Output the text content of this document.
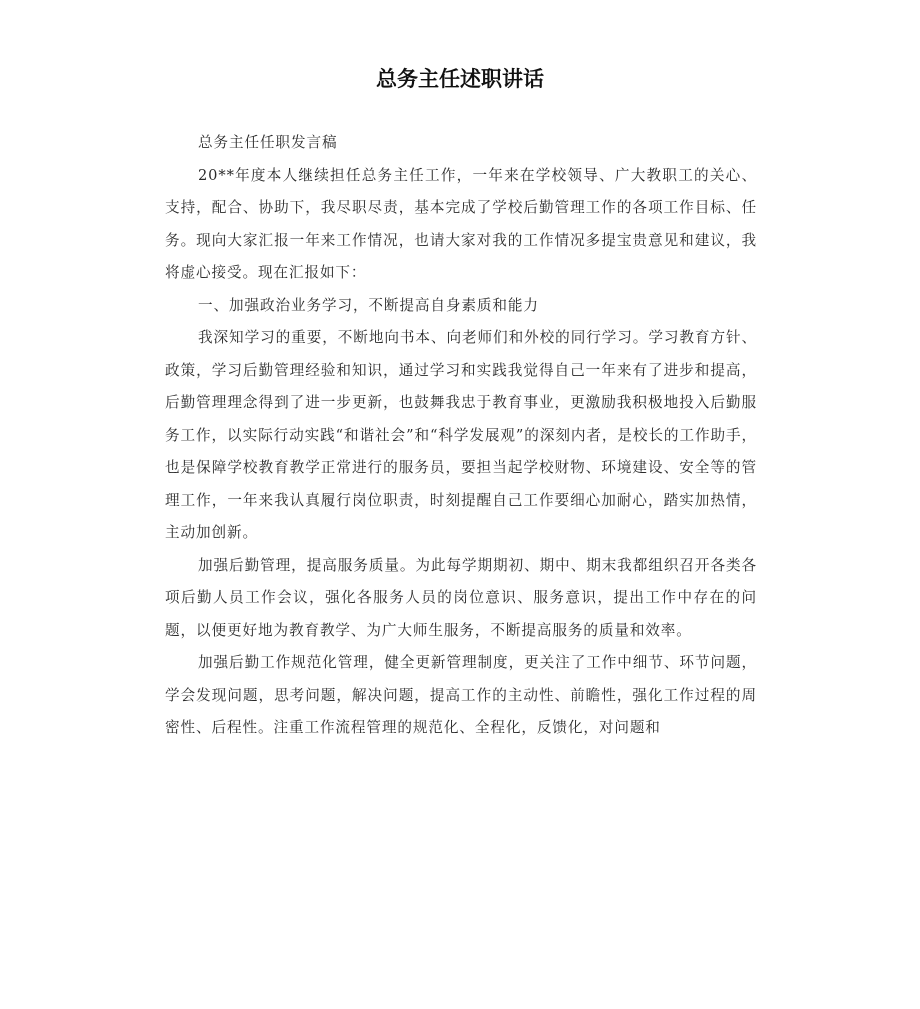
总务主任述职讲话

总务主任任职发言稿

20**年度本人继续担任总务主任工作，一年来在学校领导、广大教职工的关心、支持，配合、协助下，我尽职尽责，基本完成了学校后勤管理工作的各项工作目标、任务。现向大家汇报一年来工作情况，也请大家对我的工作情况多提宝贵意见和建议，我将虚心接受。现在汇报如下：

一、加强政治业务学习，不断提高自身素质和能力

我深知学习的重要，不断地向书本、向老师们和外校的同行学习。学习教育方针、政策，学习后勤管理经验和知识，通过学习和实践我觉得自己一年来有了进步和提高，后勤管理理念得到了进一步更新，也鼓舞我忠于教育事业，更激励我积极地投入后勤服务工作，以实际行动实践“和谐社会”和“科学发展观”的深刻内者，是校长的工作助手，也是保障学校教育教学正常进行的服务员，要担当起学校财物、环境建设、安全等的管理工作，一年来我认真履行岗位职责，时刻提醒自己工作要细心加耐心，踏实加热情，主动加创新。

加强后勤管理，提高服务质量。为此每学期期初、期中、期末我都组织召开各类各项后勤人员工作会议，强化各服务人员的岗位意识、服务意识，提出工作中存在的问题，以便更好地为教育教学、为广大师生服务，不断提高服务的质量和效率。

加强后勤工作规范化管理，健全更新管理制度，更关注了工作中细节、环节问题，学会发现问题，思考问题，解决问题，提高工作的主动性、前瞻性，强化工作过程的周密性、后程性。注重工作流程管理的规范化、全程化，反馈化，对问题和
